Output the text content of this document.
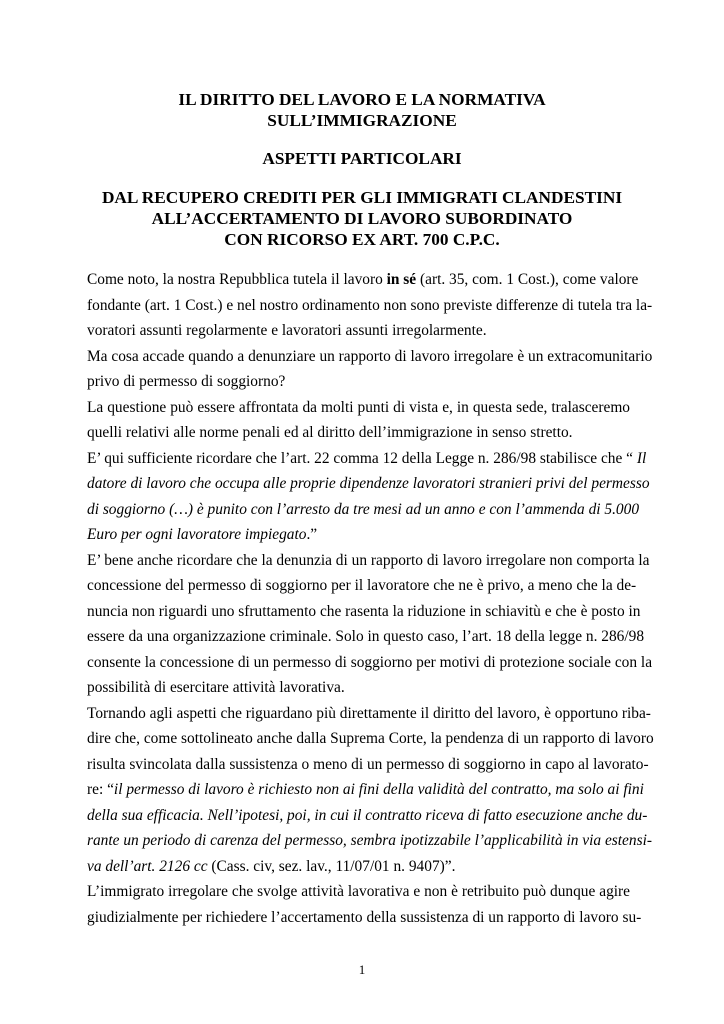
IL DIRITTO DEL LAVORO E LA NORMATIVA
SULL’IMMIGRAZIONE
ASPETTI PARTICOLARI
DAL RECUPERO CREDITI PER GLI IMMIGRATI CLANDESTINI
ALL’ACCERTAMENTO DI LAVORO SUBORDINATO
CON RICORSO EX ART. 700 C.P.C.
Come noto, la nostra Repubblica tutela il lavoro in sé (art. 35, com. 1 Cost.), come valore
fondante (art. 1 Cost.) e nel nostro ordinamento non sono previste differenze di tutela tra la-
voratori assunti regolarmente e lavoratori assunti irregolarmente.
Ma cosa accade quando a denunziare un rapporto di lavoro irregolare è un extracomunitario
privo di permesso di soggiorno?
La questione può essere affrontata da molti punti di vista e, in questa sede, tralasceremo
quelli relativi alle norme penali ed al diritto dell’immigrazione in senso stretto.
E’ qui sufficiente ricordare che l’art. 22 comma 12 della Legge n. 286/98 stabilisce che “ Il
datore di lavoro che occupa alle proprie dipendenze lavoratori stranieri privi del permesso
di soggiorno (…) è punito con l’arresto da tre mesi ad un anno e con l’ammenda di 5.000
Euro per ogni lavoratore impiegato.”
E’ bene anche ricordare che la denunzia di un rapporto di lavoro irregolare non comporta la
concessione del permesso di soggiorno per il lavoratore che ne è privo, a meno che la de-
nuncia non riguardi uno sfruttamento che rasenta la riduzione in schiavitù e che è posto in
essere da una organizzazione criminale. Solo in questo caso, l’art. 18 della legge n. 286/98
consente la concessione di un permesso di soggiorno per motivi di protezione sociale con la
possibilità di esercitare attività lavorativa.
Tornando agli aspetti che riguardano più direttamente il diritto del lavoro, è opportuno riba-
dire che, come sottolineato anche dalla Suprema Corte, la pendenza di un rapporto di lavoro
risulta svincolata dalla sussistenza o meno di un permesso di soggiorno in capo al lavorato-
re: “il permesso di lavoro è richiesto non ai fini della validità del contratto, ma solo ai fini
della sua efficacia. Nell’ipotesi, poi, in cui il contratto riceva di fatto esecuzione anche du-
rante un periodo di carenza del permesso, sembra ipotizzabile l’applicabilità in via estensi-
va dell’art. 2126 cc (Cass. civ, sez. lav., 11/07/01 n. 9407)”.
L’immigrato irregolare che svolge attività lavorativa e non è retribuito può dunque agire
giudizialmente per richiedere l’accertamento della sussistenza di un rapporto di lavoro su-
1
